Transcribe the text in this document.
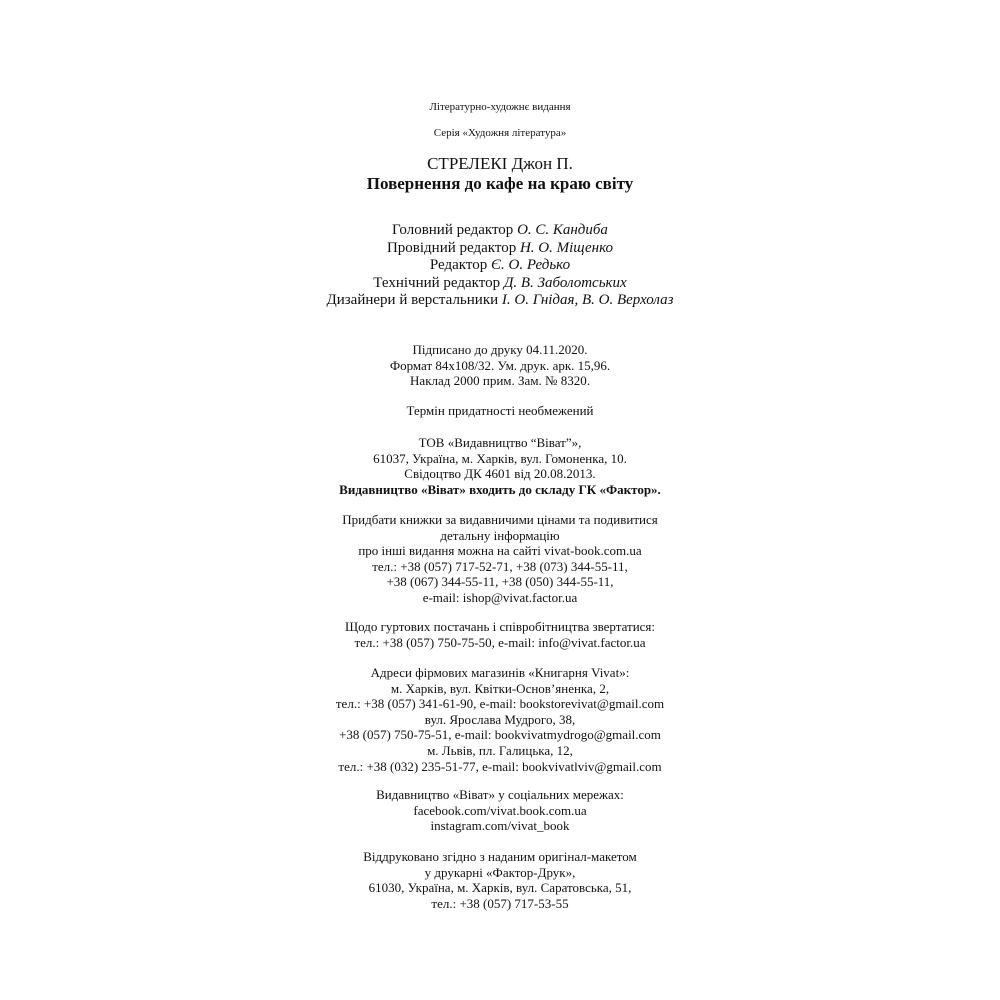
Літературно-художнє видання
Серія «Художня література»
СТРЕЛЕКІ Джон П.
Повернення до кафе на краю світу
Головний редактор О. С. Кандиба
Провідний редактор Н. О. Міщенко
Редактор Є. О. Редько
Технічний редактор Д. В. Заболотських
Дизайнери й верстальники І. О. Гнідая, В. О. Верхолаз
Підписано до друку 04.11.2020.
Формат 84х108/32. Ум. друк. арк. 15,96.
Наклад 2000 прим. Зам. № 8320.
Термін придатності необмежений
ТОВ «Видавництво “Віват”»,
61037, Україна, м. Харків, вул. Гомоненка, 10.
Свідоцтво ДК 4601 від 20.08.2013.
Видавництво «Віват» входить до складу ГК «Фактор».
Придбати книжки за видавничими цінами та подивитися
детальну інформацію
про інші видання можна на сайті vivat-book.com.ua
тел.: +38 (057) 717-52-71, +38 (073) 344-55-11,
+38 (067) 344-55-11, +38 (050) 344-55-11,
e-mail: ishop@vivat.factor.ua
Щодо гуртових постачань і співробітництва звертатися:
тел.: +38 (057) 750-75-50, e-mail: info@vivat.factor.ua
Адреси фірмових магазинів «Книгарня Vivat»:
м. Харків, вул. Квітки-Основ’яненка, 2,
тел.: +38 (057) 341-61-90, e-mail: bookstorevivat@gmail.com
вул. Ярослава Мудрого, 38,
+38 (057) 750-75-51, e-mail: bookvivatmydrogo@gmail.com
м. Львів, пл. Галицька, 12,
тел.: +38 (032) 235-51-77, e-mail: bookvivatlviv@gmail.com
Видавництво «Віват» у соціальних мережах:
facebook.com/vivat.book.com.ua
instagram.com/vivat_book
Віддруковано згідно з наданим оригінал-макетом
у друкарні «Фактор-Друк»,
61030, Україна, м. Харків, вул. Саратовська, 51,
тел.: +38 (057) 717-53-55
